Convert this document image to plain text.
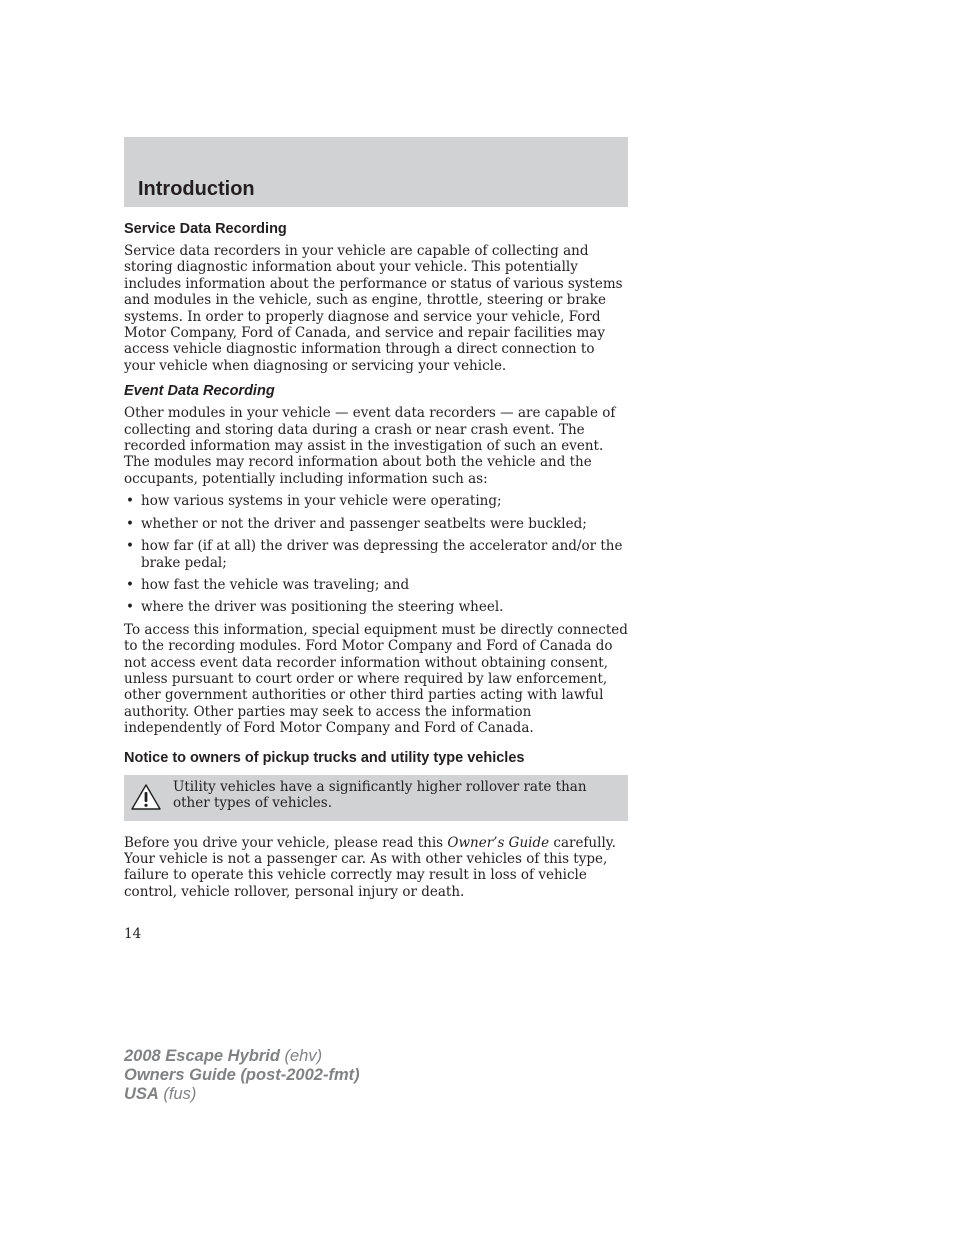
Introduction
Service Data Recording

Service data recorders in your vehicle are capable of collecting and storing diagnostic information about your vehicle. This potentially includes information about the performance or status of various systems and modules in the vehicle, such as engine, throttle, steering or brake systems. In order to properly diagnose and service your vehicle, Ford Motor Company, Ford of Canada, and service and repair facilities may access vehicle diagnostic information through a direct connection to your vehicle when diagnosing or servicing your vehicle.

Event Data Recording

Other modules in your vehicle — event data recorders — are capable of collecting and storing data during a crash or near crash event. The recorded information may assist in the investigation of such an event. The modules may record information about both the vehicle and the occupants, potentially including information such as:

• how various systems in your vehicle were operating;
• whether or not the driver and passenger seatbelts were buckled;
• how far (if at all) the driver was depressing the accelerator and/or the brake pedal;
• how fast the vehicle was traveling; and
• where the driver was positioning the steering wheel.

To access this information, special equipment must be directly connected to the recording modules. Ford Motor Company and Ford of Canada do not access event data recorder information without obtaining consent, unless pursuant to court order or where required by law enforcement, other government authorities or other third parties acting with lawful authority. Other parties may seek to access the information independently of Ford Motor Company and Ford of Canada.

Notice to owners of pickup trucks and utility type vehicles
Utility vehicles have a significantly higher rollover rate than other types of vehicles.

Before you drive your vehicle, please read this Owner’s Guide carefully. Your vehicle is not a passenger car. As with other vehicles of this type, failure to operate this vehicle correctly may result in loss of vehicle control, vehicle rollover, personal injury or death.

14
2008 Escape Hybrid (ehv)
Owners Guide (post-2002-fmt)
USA (fus)
